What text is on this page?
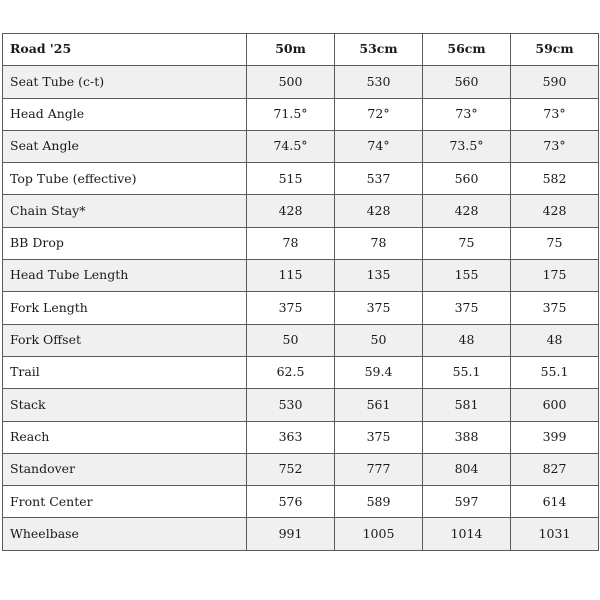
Road '25	50m	53cm	56cm	59cm
Seat Tube (c-t)	500	530	560	590
Head Angle	71.5°	72°	73°	73°
Seat Angle	74.5°	74°	73.5°	73°
Top Tube (effective)	515	537	560	582
Chain Stay*	428	428	428	428
BB Drop	78	78	75	75
Head Tube Length	115	135	155	175
Fork Length	375	375	375	375
Fork Offset	50	50	48	48
Trail	62.5	59.4	55.1	55.1
Stack	530	561	581	600
Reach	363	375	388	399
Standover	752	777	804	827
Front Center	576	589	597	614
Wheelbase	991	1005	1014	1031
